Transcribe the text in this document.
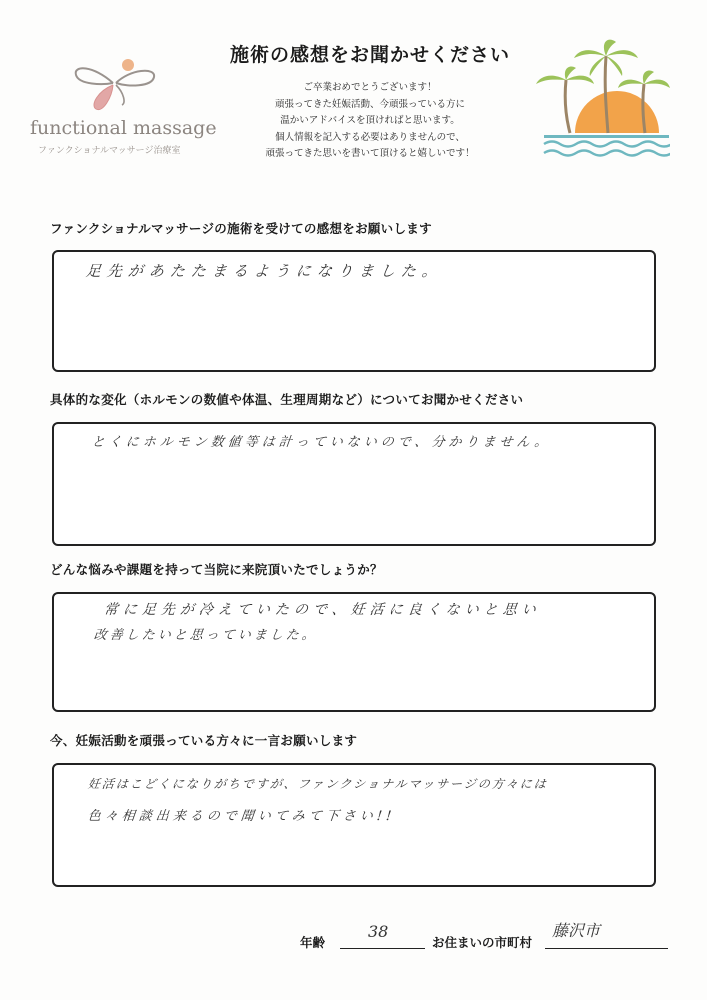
functional massage
ファンクショナルマッサージ治療室
施術の感想をお聞かせください
ご卒業おめでとうございます！
頑張ってきた妊娠活動、今頑張っている方に
温かいアドバイスを頂ければと思います。
個人情報を記入する必要はありませんので、
頑張ってきた思いを書いて頂けると嬉しいです！
ファンクショナルマッサージの施術を受けての感想をお願いします
足先があたたまるようになりました。
具体的な変化（ホルモンの数値や体温、生理周期など）についてお聞かせください
とくにホルモン数値等は計っていないので、分かりません。
どんな悩みや課題を持って当院に来院頂いたでしょうか？
常に足先が冷えていたので、妊活に良くないと思い
改善したいと思っていました。
今、妊娠活動を頑張っている方々に一言お願いします
妊活はこどくになりがちですが、ファンクショナルマッサージの方々には
色々相談出来るので聞いてみて下さい!!
年齢
38
お住まいの市町村
藤沢市
